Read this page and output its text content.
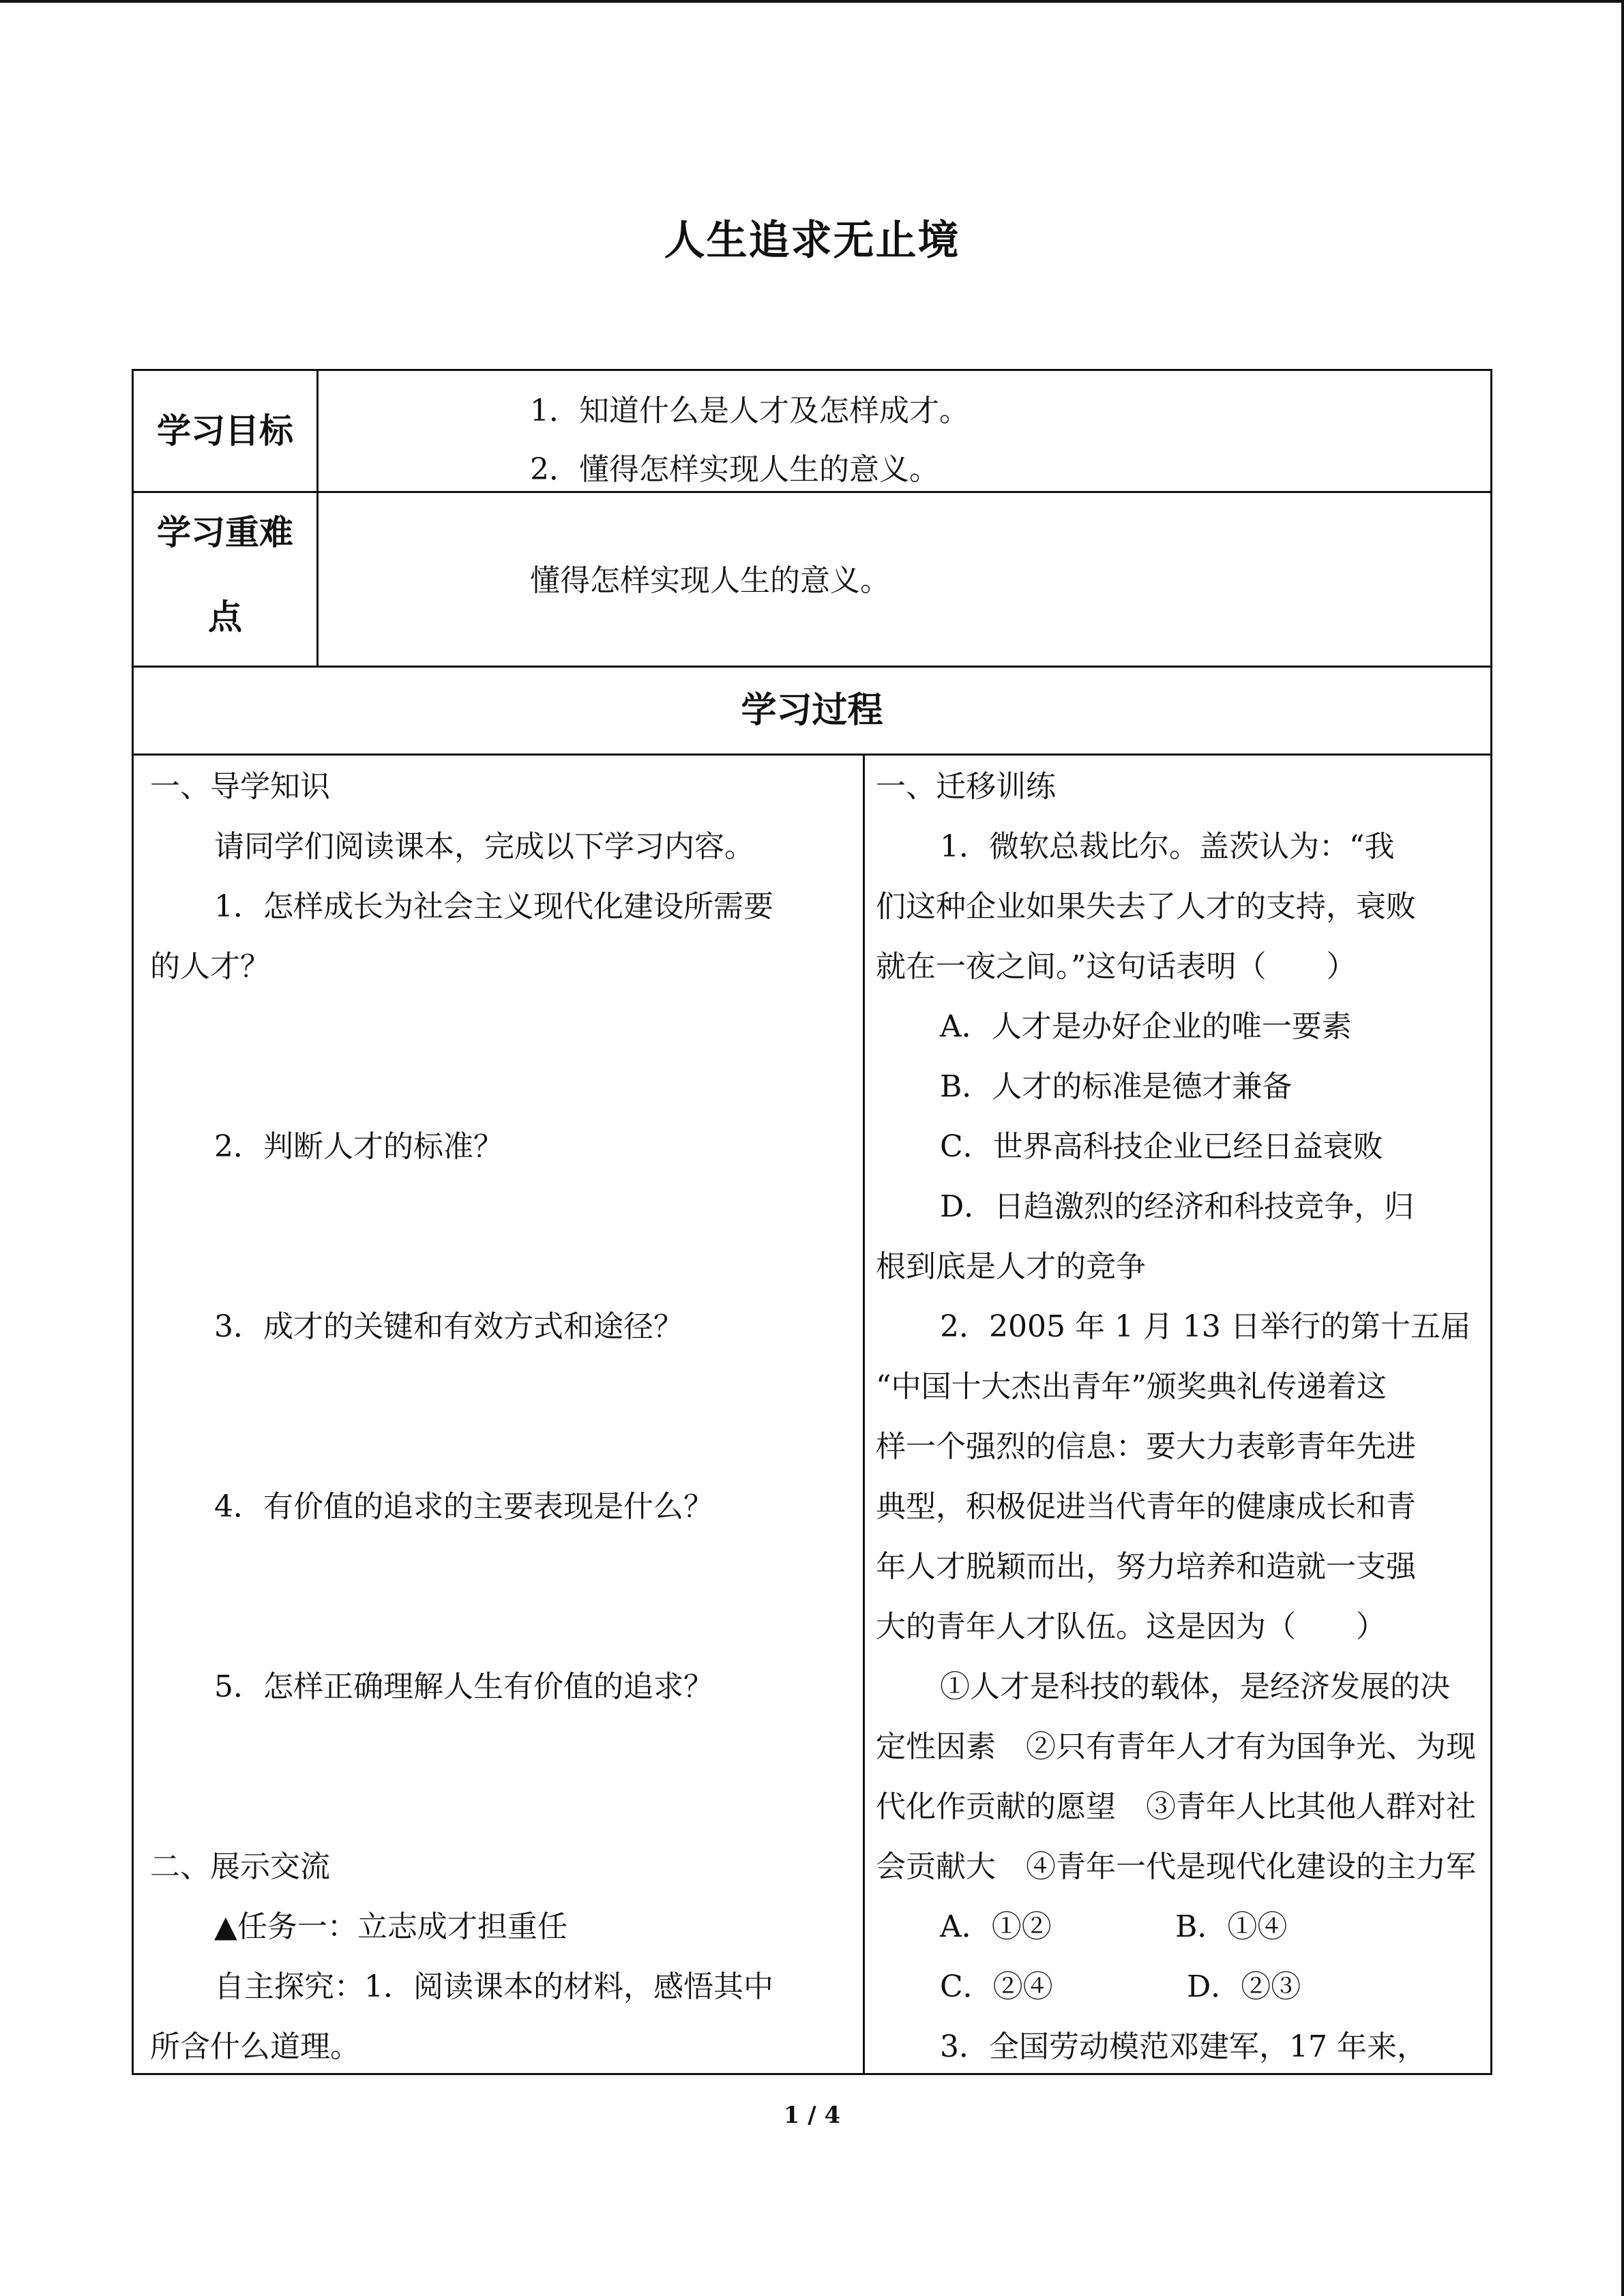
人生追求无止境
学习目标
1．知道什么是人才及怎样成才。
2．懂得怎样实现人生的意义。
学习重难
点
懂得怎样实现人生的意义。
学习过程
一、导学知识
请同学们阅读课本，完成以下学习内容。
1．怎样成长为社会主义现代化建设所需要
的人才？
2．判断人才的标准？
3．成才的关键和有效方式和途径？
4．有价值的追求的主要表现是什么？
5．怎样正确理解人生有价值的追求？
二、展示交流
▲任务一：立志成才担重任
自主探究：1．阅读课本的材料，感悟其中
所含什么道理。
一、迁移训练
1．微软总裁比尔。盖茨认为：“我
们这种企业如果失去了人才的支持，衰败
就在一夜之间。”这句话表明（　　）
A．人才是办好企业的唯一要素
B．人才的标准是德才兼备
C．世界高科技企业已经日益衰败
D．日趋激烈的经济和科技竞争，归
根到底是人才的竞争
2．2005 年 1 月 13 日举行的第十五届
“中国十大杰出青年”颁奖典礼传递着这
样一个强烈的信息：要大力表彰青年先进
典型，积极促进当代青年的健康成长和青
年人才脱颖而出，努力培养和造就一支强
大的青年人才队伍。这是因为（　　）
①人才是科技的载体，是经济发展的决
定性因素　②只有青年人才有为国争光、为现
代化作贡献的愿望　③青年人比其他人群对社
会贡献大　④青年一代是现代化建设的主力军
A．①②	B．①④
C．②④	D．②③
3．全国劳动模范邓建军，17 年来，
1 / 4
